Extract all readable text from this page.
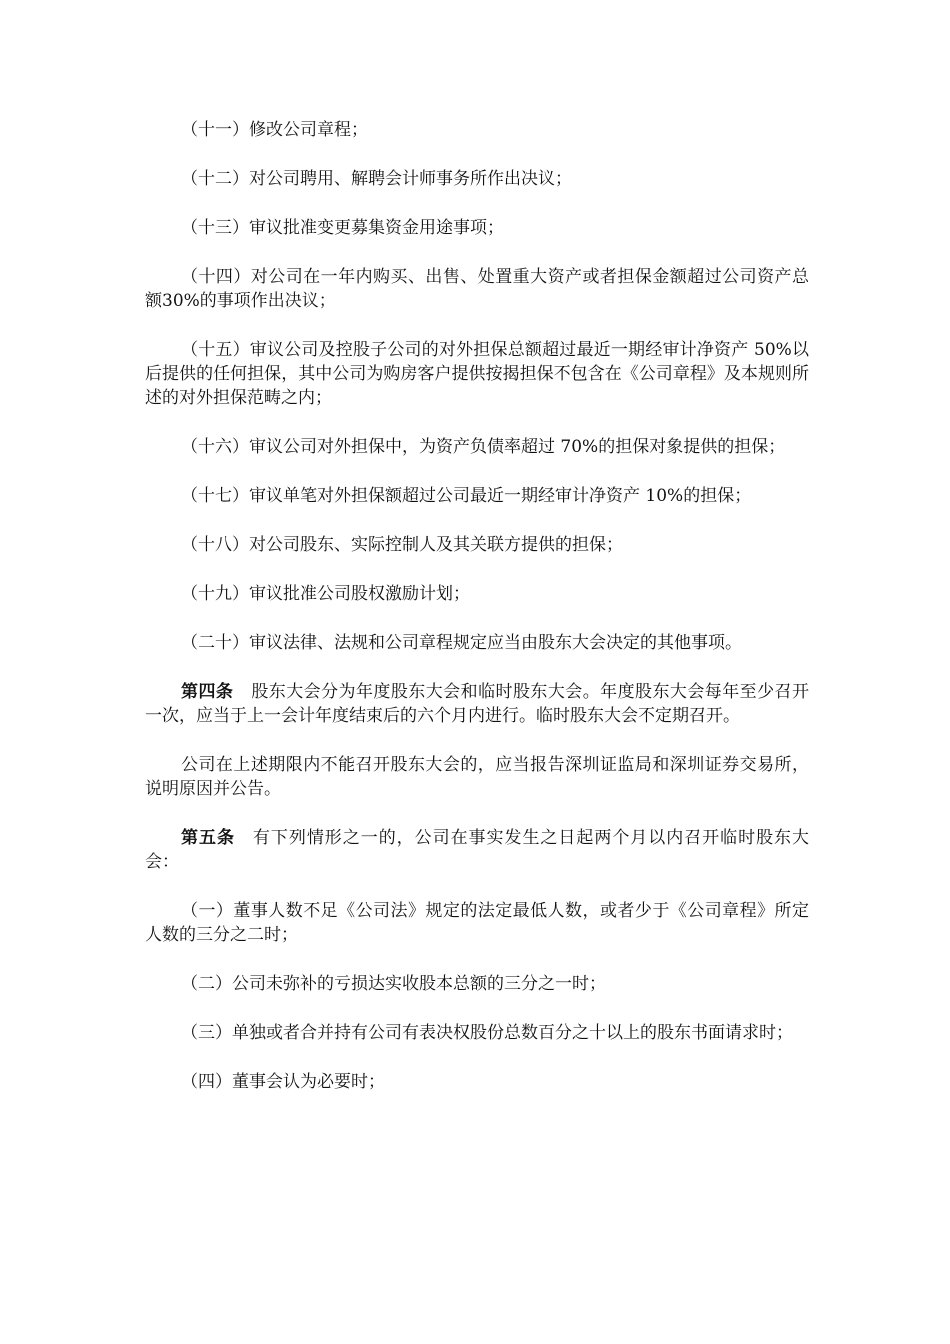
（十一）修改公司章程；

（十二）对公司聘用、解聘会计师事务所作出决议；

（十三）审议批准变更募集资金用途事项；

（十四）对公司在一年内购买、出售、处置重大资产或者担保金额超过公司资产总额30%的事项作出决议；

（十五）审议公司及控股子公司的对外担保总额超过最近一期经审计净资产 50%以后提供的任何担保，其中公司为购房客户提供按揭担保不包含在《公司章程》及本规则所述的对外担保范畴之内；

（十六）审议公司对外担保中，为资产负债率超过 70%的担保对象提供的担保；

（十七）审议单笔对外担保额超过公司最近一期经审计净资产 10%的担保；

（十八）对公司股东、实际控制人及其关联方提供的担保；

（十九）审议批准公司股权激励计划；

（二十）审议法律、法规和公司章程规定应当由股东大会决定的其他事项。

第四条 股东大会分为年度股东大会和临时股东大会。年度股东大会每年至少召开一次，应当于上一会计年度结束后的六个月内进行。临时股东大会不定期召开。

公司在上述期限内不能召开股东大会的，应当报告深圳证监局和深圳证券交易所，说明原因并公告。

第五条 有下列情形之一的，公司在事实发生之日起两个月以内召开临时股东大会：

（一）董事人数不足《公司法》规定的法定最低人数，或者少于《公司章程》所定人数的三分之二时；

（二）公司未弥补的亏损达实收股本总额的三分之一时；

（三）单独或者合并持有公司有表决权股份总数百分之十以上的股东书面请求时；

（四）董事会认为必要时；
